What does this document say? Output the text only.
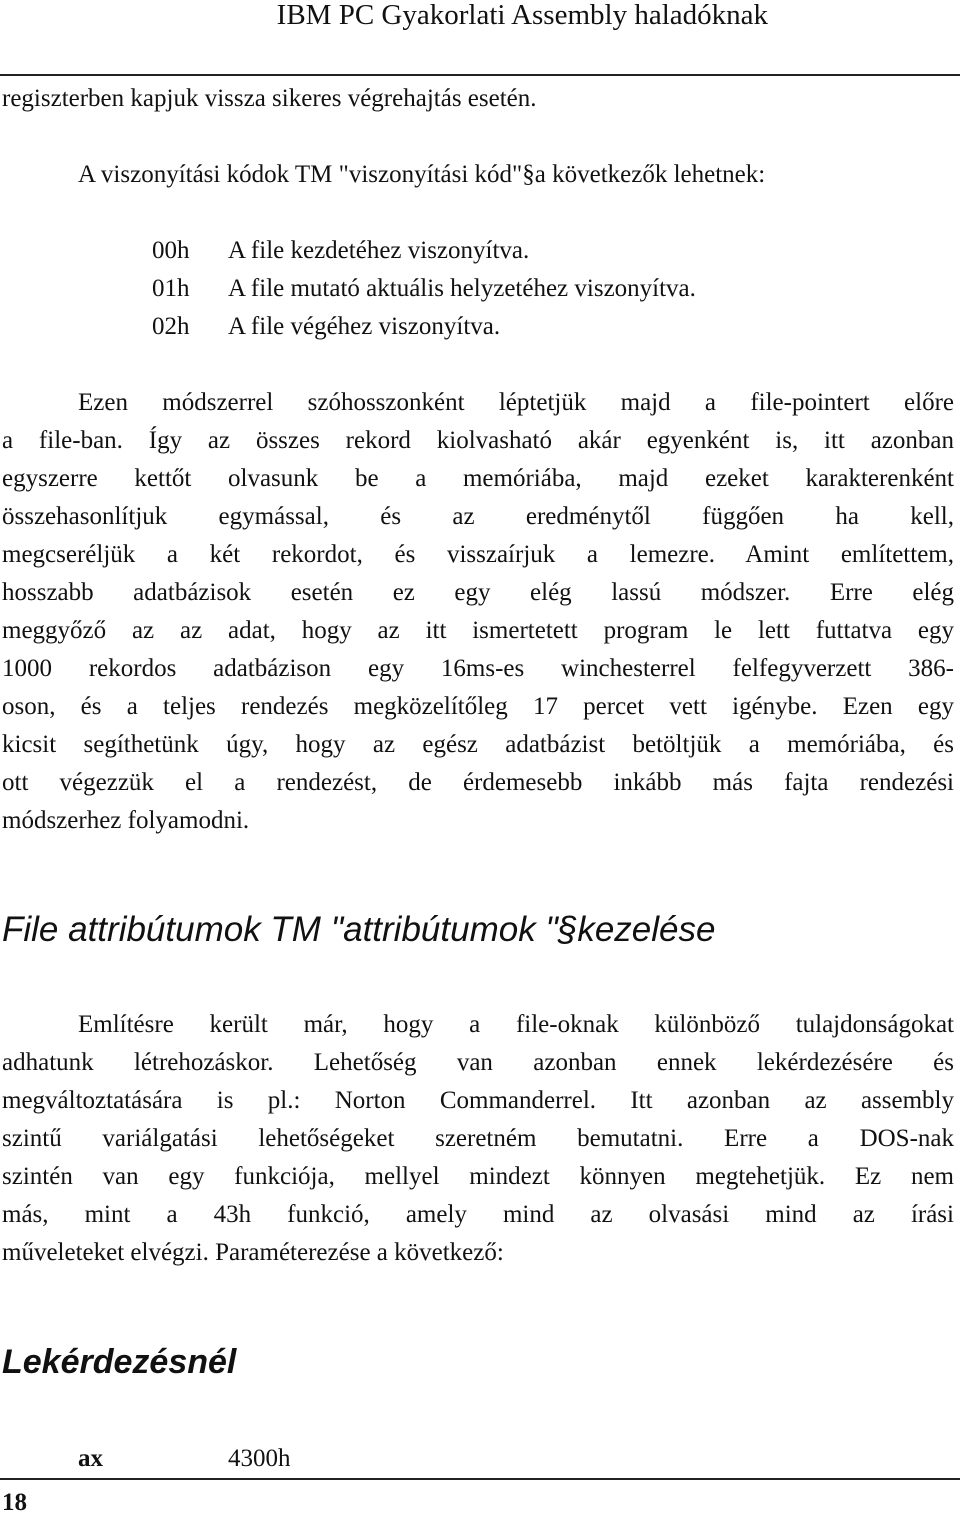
IBM PC Gyakorlati Assembly haladóknak
regiszterben kapjuk vissza sikeres végrehajtás esetén.
A viszonyítási kódok TM "viszonyítási kód"§a következők lehetnek:
00h A file kezdetéhez viszonyítva.
01h A file mutató aktuális helyzetéhez viszonyítva.
02h A file végéhez viszonyítva.
Ezen módszerrel szóhosszonként léptetjük majd a file-pointert előre
a file-ban. Így az összes rekord kiolvasható akár egyenként is, itt azonban
egyszerre kettőt olvasunk be a memóriába, majd ezeket karakterenként
összehasonlítjuk egymással, és az eredménytől függően ha kell,
megcseréljük a két rekordot, és visszaírjuk a lemezre. Amint említettem,
hosszabb adatbázisok esetén ez egy elég lassú módszer. Erre elég
meggyőző az az adat, hogy az itt ismertetett program le lett futtatva egy
1000 rekordos adatbázison egy 16ms-es winchesterrel felfegyverzett 386-
oson, és a teljes rendezés megközelítőleg 17 percet vett igénybe. Ezen egy
kicsit segíthetünk úgy, hogy az egész adatbázist betöltjük a memóriába, és
ott végezzük el a rendezést, de érdemesebb inkább más fajta rendezési
módszerhez folyamodni.
File attribútumok TM "attribútumok "§kezelése
Említésre került már, hogy a file-oknak különböző tulajdonságokat
adhatunk létrehozáskor. Lehetőség van azonban ennek lekérdezésére és
megváltoztatására is pl.: Norton Commanderrel. Itt azonban az assembly
szintű variálgatási lehetőségeket szeretném bemutatni. Erre a DOS-nak
szintén van egy funkciója, mellyel mindezt könnyen megtehetjük. Ez nem
más, mint a 43h funkció, amely mind az olvasási mind az írási
műveleteket elvégzi. Paraméterezése a következő:
Lekérdezésnél
ax	4300h
18
